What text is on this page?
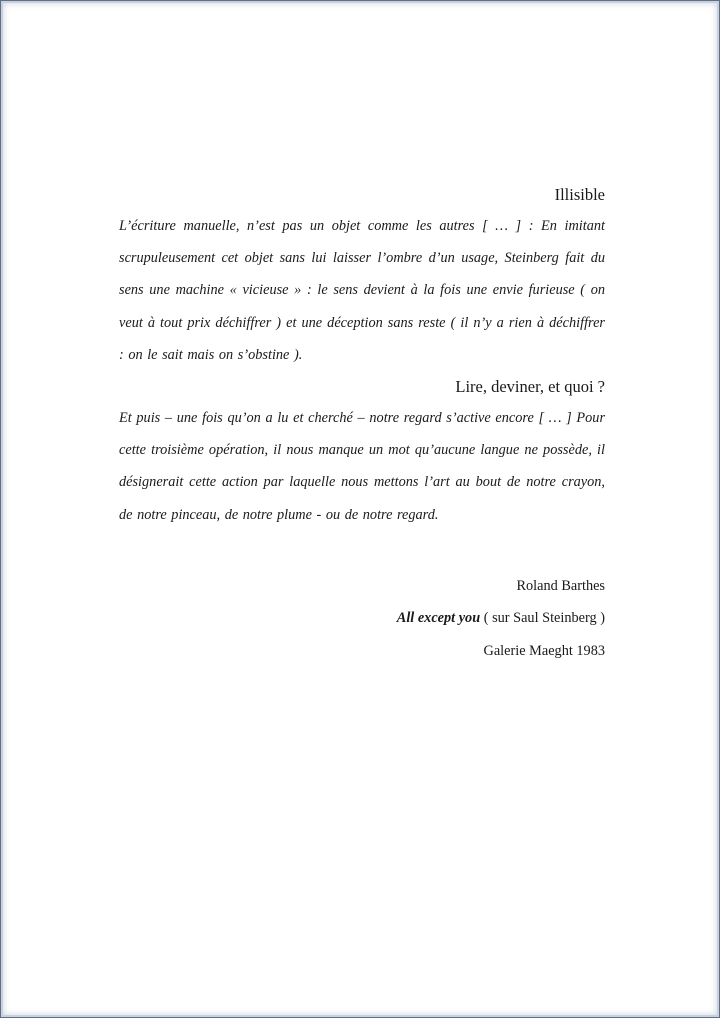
Illisible
L’écriture manuelle, n’est pas un objet comme les autres [ … ] : En imitant scrupuleusement cet objet sans lui laisser l’ombre d’un usage, Steinberg fait du sens une machine « vicieuse » : le sens devient à la fois une envie furieuse ( on veut à tout prix déchiffrer ) et une déception sans reste ( il n’y a rien à déchiffrer : on le sait mais on s’obstine ).
Lire, deviner, et quoi ?
Et puis – une fois qu’on a lu et cherché – notre regard s’active encore [ … ] Pour cette troisième opération, il nous manque un mot qu’aucune langue ne possède, il désignerait cette action par laquelle nous mettons l’art au bout de notre crayon, de notre pinceau, de notre plume - ou de notre regard.
Roland Barthes
All except you ( sur Saul Steinberg )
Galerie Maeght 1983
